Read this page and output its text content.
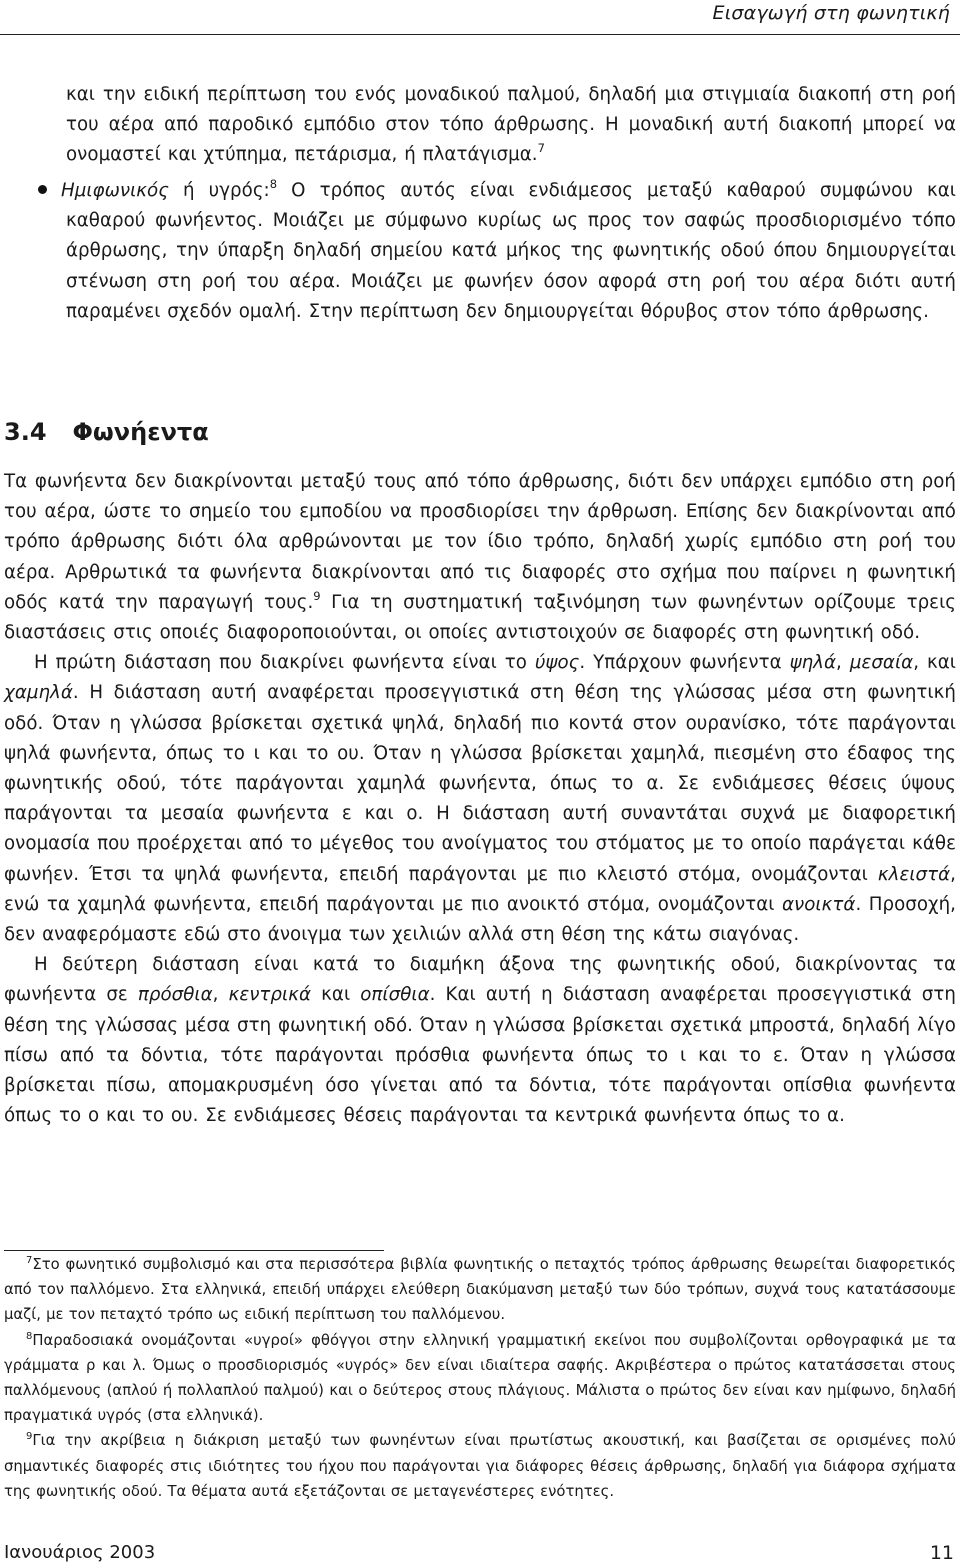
Εισαγωγή στη φωνητική
και την ειδική περίπτωση του ενός μοναδικού παλμού, δηλαδή μια στιγμιαία διακοπή στη ροή του αέρα από παροδικό εμπόδιο στον τόπο άρθρωσης. Η μοναδική αυτή διακοπή μπορεί να ονομαστεί και χτύπημα, πετάρισμα, ή πλατάγισμα.$^7$
Ημιφωνικός ή υγρός:$^8$ Ο τρόπος αυτός είναι ενδιάμεσος μεταξύ καθαρού συμφώνου και καθαρού φωνήεντος. Μοιάζει με σύμφωνο κυρίως ως προς τον σαφώς προσδιορισμένο τόπο άρθρωσης, την ύπαρξη δηλαδή σημείου κατά μήκος της φωνητικής οδού όπου δημιουργείται στένωση στη ροή του αέρα. Μοιάζει με φωνήεν όσον αφορά στη ροή του αέρα διότι αυτή παραμένει σχεδόν ομαλή. Στην περίπτωση δεν δημιουργείται θόρυβος στον τόπο άρθρωσης.
3.4 Φωνήεντα

Τα φωνήεντα δεν διακρίνονται μεταξύ τους από τόπο άρθρωσης, διότι δεν υπάρχει εμπόδιο στη ροή του αέρα, ώστε το σημείο του εμποδίου να προσδιορίσει την άρθρωση. Επίσης δεν διακρίνονται από τρόπο άρθρωσης διότι όλα αρθρώνονται με τον ίδιο τρόπο, δηλαδή χωρίς εμπόδιο στη ροή του αέρα. Αρθρωτικά τα φωνήεντα διακρίνονται από τις διαφορές στο σχήμα που παίρνει η φωνητική οδός κατά την παραγωγή τους.$^9$ Για τη συστηματική ταξινόμηση των φωνηέντων ορίζουμε τρεις διαστάσεις στις οποιές διαφοροποιούνται, οι οποίες αντιστοιχούν σε διαφορές στη φωνητική οδό.

Η πρώτη διάσταση που διακρίνει φωνήεντα είναι το ύψος. Υπάρχουν φωνήεντα ψηλά, μεσαία, και χαμηλά. Η διάσταση αυτή αναφέρεται προσεγγιστικά στη θέση της γλώσσας μέσα στη φωνητική οδό. Όταν η γλώσσα βρίσκεται σχετικά ψηλά, δηλαδή πιο κοντά στον ουρανίσκο, τότε παράγονται ψηλά φωνήεντα, όπως το ι και το ου. Όταν η γλώσσα βρίσκεται χαμηλά, πιεσμένη στο έδαφος της φωνητικής οδού, τότε παράγονται χαμηλά φωνήεντα, όπως το α. Σε ενδιάμεσες θέσεις ύψους παράγονται τα μεσαία φωνήεντα ε και ο. Η διάσταση αυτή συναντάται συχνά με διαφορετική ονομασία που προέρχεται από το μέγεθος του ανοίγματος του στόματος με το οποίο παράγεται κάθε φωνήεν. Έτσι τα ψηλά φωνήεντα, επειδή παράγονται με πιο κλειστό στόμα, ονομάζονται κλειστά, ενώ τα χαμηλά φωνήεντα, επειδή παράγονται με πιο ανοικτό στόμα, ονομάζονται ανοικτά. Προσοχή, δεν αναφερόμαστε εδώ στο άνοιγμα των χειλιών αλλά στη θέση της κάτω σιαγόνας.

Η δεύτερη διάσταση είναι κατά το διαμήκη άξονα της φωνητικής οδού, διακρίνοντας τα φωνήεντα σε πρόσθια, κεντρικά και οπίσθια. Και αυτή η διάσταση αναφέρεται προσεγγιστικά στη θέση της γλώσσας μέσα στη φωνητική οδό. Όταν η γλώσσα βρίσκεται σχετικά μπροστά, δηλαδή λίγο πίσω από τα δόντια, τότε παράγονται πρόσθια φωνήεντα όπως το ι και το ε. Όταν η γλώσσα βρίσκεται πίσω, απομακρυσμένη όσο γίνεται από τα δόντια, τότε παράγονται οπίσθια φωνήεντα όπως το ο και το ου. Σε ενδιάμεσες θέσεις παράγονται τα κεντρικά φωνήεντα όπως το α.

$^7$Στο φωνητικό συμβολισμό και στα περισσότερα βιβλία φωνητικής ο πεταχτός τρόπος άρθρωσης θεωρείται διαφορετικός από τον παλλόμενο. Στα ελληνικά, επειδή υπάρχει ελεύθερη διακύμανση μεταξύ των δύο τρόπων, συχνά τους κατατάσσουμε μαζί, με τον πεταχτό τρόπο ως ειδική περίπτωση του παλλόμενου.

$^8$Παραδοσιακά ονομάζονται «υγροί» φθόγγοι στην ελληνική γραμματική εκείνοι που συμβολίζονται ορθογραφικά με τα γράμματα ρ και λ. Όμως ο προσδιορισμός «υγρός» δεν είναι ιδιαίτερα σαφής. Ακριβέστερα ο πρώτος κατατάσσεται στους παλλόμενους (απλού ή πολλαπλού παλμού) και ο δεύτερος στους πλάγιους. Μάλιστα ο πρώτος δεν είναι καν ημίφωνο, δηλαδή πραγματικά υγρός (στα ελληνικά).

$^9$Για την ακρίβεια η διάκριση μεταξύ των φωνηέντων είναι πρωτίστως ακουστική, και βασίζεται σε ορισμένες πολύ σημαντικές διαφορές στις ιδιότητες του ήχου που παράγονται για διάφορες θέσεις άρθρωσης, δηλαδή για διάφορα σχήματα της φωνητικής οδού. Τα θέματα αυτά εξετάζονται σε μεταγενέστερες ενότητες.

Ιανουάριος 2003	11
